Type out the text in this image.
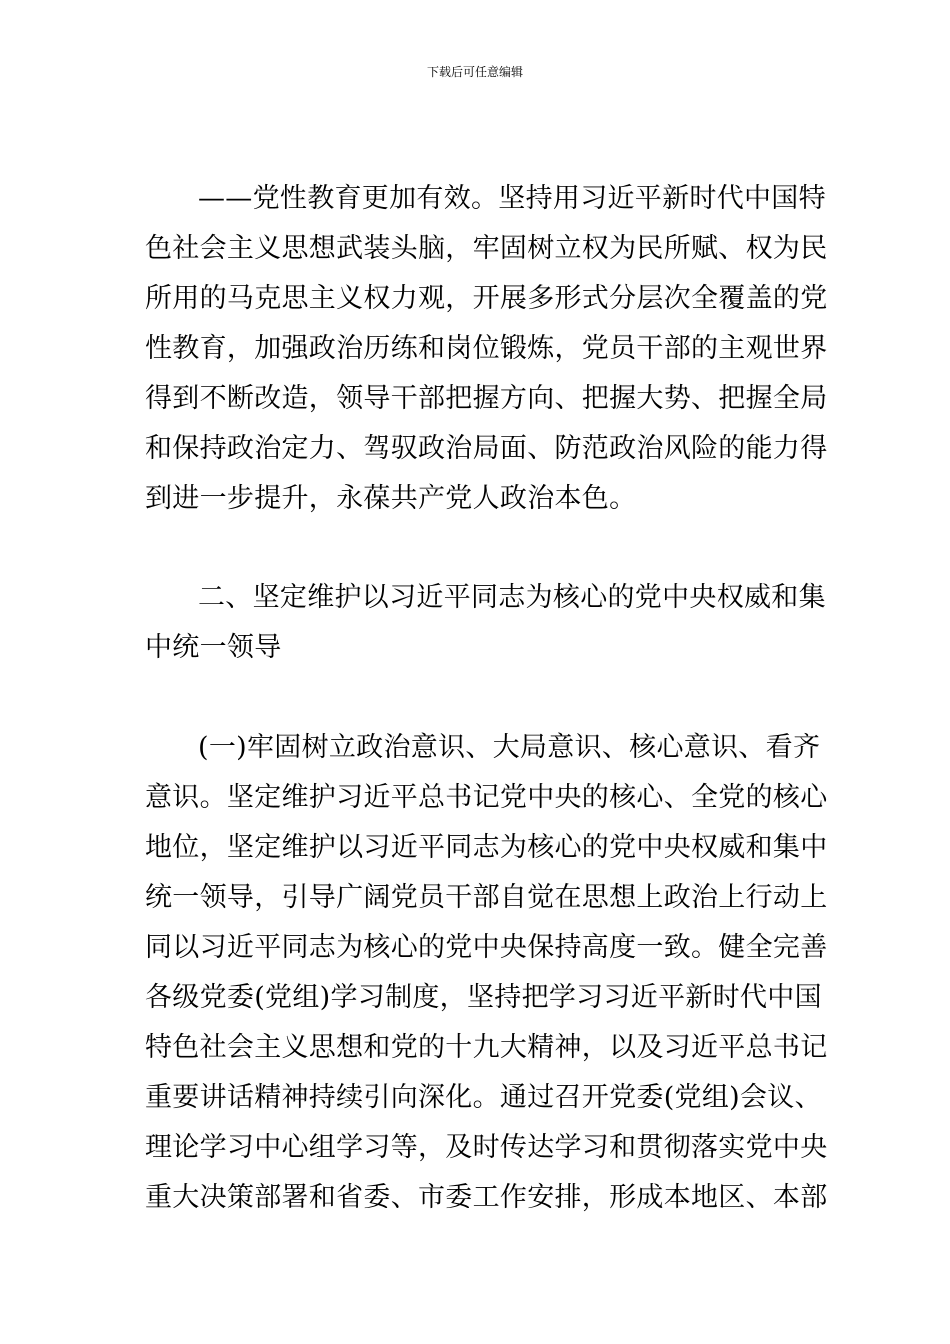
下载后可任意编辑
——党性教育更加有效。坚持用习近平新时代中国特
色社会主义思想武装头脑，牢固树立权为民所赋、权为民
所用的马克思主义权力观，开展多形式分层次全覆盖的党
性教育，加强政治历练和岗位锻炼，党员干部的主观世界
得到不断改造，领导干部把握方向、把握大势、把握全局
和保持政治定力、驾驭政治局面、防范政治风险的能力得
到进一步提升，永葆共产党人政治本色。
二、坚定维护以习近平同志为核心的党中央权威和集
中统一领导
(一)牢固树立政治意识、大局意识、核心意识、看齐
意识。坚定维护习近平总书记党中央的核心、全党的核心
地位，坚定维护以习近平同志为核心的党中央权威和集中
统一领导，引导广阔党员干部自觉在思想上政治上行动上
同以习近平同志为核心的党中央保持高度一致。健全完善
各级党委(党组)学习制度，坚持把学习习近平新时代中国
特色社会主义思想和党的十九大精神，以及习近平总书记
重要讲话精神持续引向深化。通过召开党委(党组)会议、
理论学习中心组学习等，及时传达学习和贯彻落实党中央
重大决策部署和省委、市委工作安排，形成本地区、本部
